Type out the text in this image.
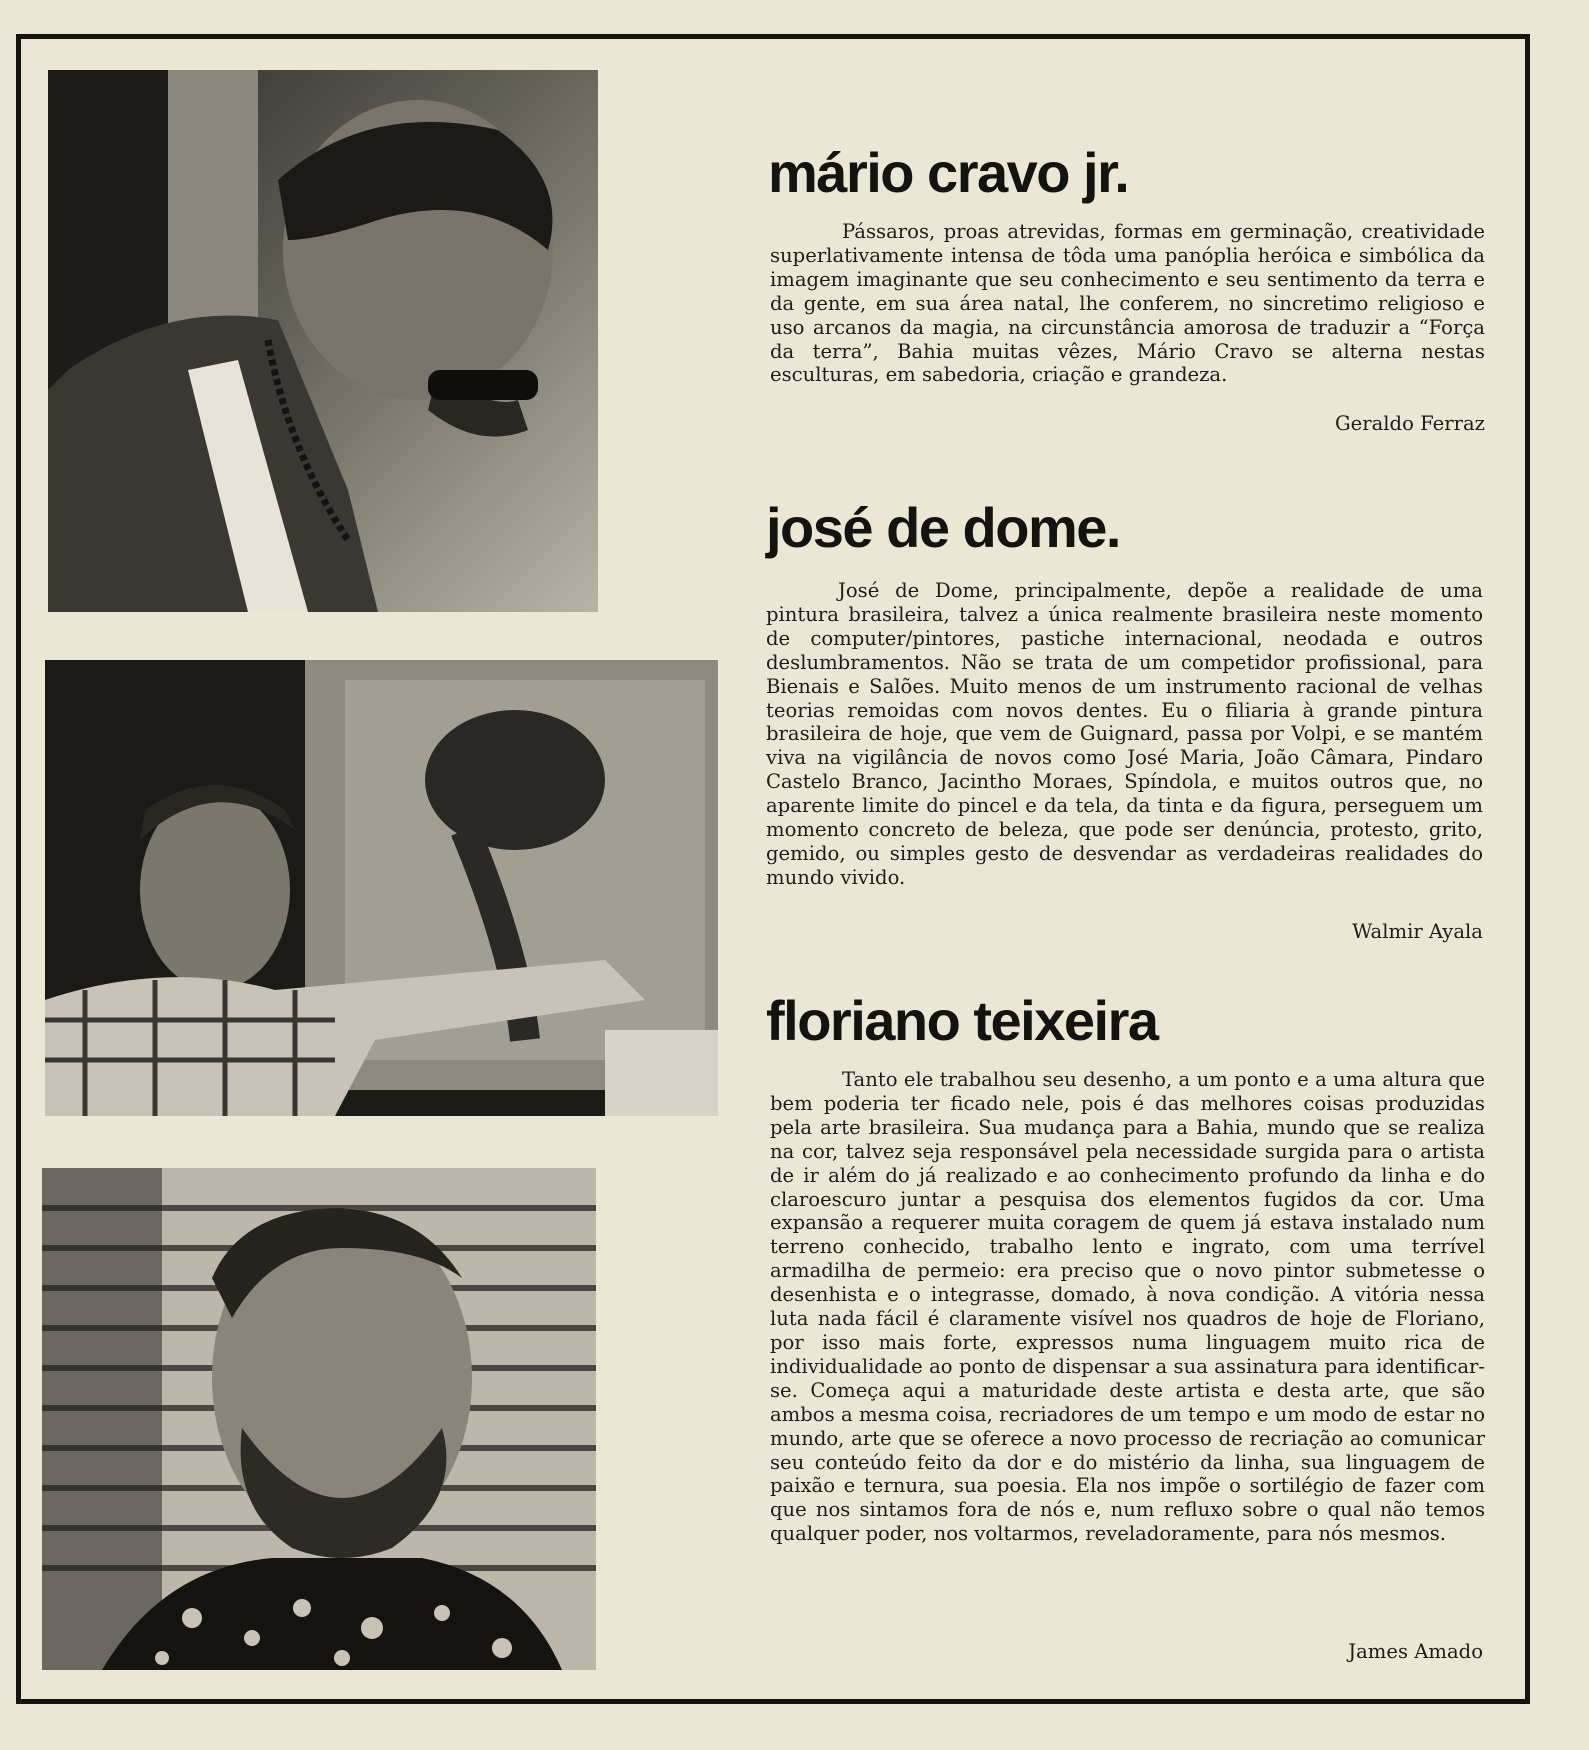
mário cravo jr.

Pássaros, proas atrevidas, formas em germinação, creatividade superlativamente intensa de tôda uma panóplia heróica e simbólica da imagem imaginante que seu conhecimento e seu sentimento da terra e da gente, em sua área natal, lhe conferem, no sincretimo religioso e uso arcanos da magia, na circunstância amorosa de traduzir a “Força da terra”, Bahia muitas vêzes, Mário Cravo se alterna nestas esculturas, em sabedoria, criação e grandeza.

Geraldo Ferraz
josé de dome.

José de Dome, principalmente, depõe a realidade de uma pintura brasileira, talvez a única realmente brasileira neste momento de computer/pintores, pastiche internacional, neodada e outros deslumbramentos. Não se trata de um competidor profissional, para Bienais e Salões. Muito menos de um instrumento racional de velhas teorias remoidas com novos dentes. Eu o filiaria à grande pintura brasileira de hoje, que vem de Guignard, passa por Volpi, e se mantém viva na vigilância de novos como José Maria, João Câmara, Pindaro Castelo Branco, Jacintho Moraes, Spíndola, e muitos outros que, no aparente limite do pincel e da tela, da tinta e da figura, perseguem um momento concreto de beleza, que pode ser denúncia, protesto, grito, gemido, ou simples gesto de desvendar as verdadeiras realidades do mundo vivido.

Walmir Ayala
floriano teixeira

Tanto ele trabalhou seu desenho, a um ponto e a uma altura que bem poderia ter ficado nele, pois é das melhores coisas produzidas pela arte brasileira. Sua mudança para a Bahia, mundo que se realiza na cor, talvez seja responsável pela necessidade surgida para o artista de ir além do já realizado e ao conhecimento profundo da linha e do claroescuro juntar a pesquisa dos elementos fugidos da cor. Uma expansão a requerer muita coragem de quem já estava instalado num terreno conhecido, trabalho lento e ingrato, com uma terrível armadilha de permeio: era preciso que o novo pintor submetesse o desenhista e o integrasse, domado, à nova condição. A vitória nessa luta nada fácil é claramente visível nos quadros de hoje de Floriano, por isso mais forte, expressos numa linguagem muito rica de individualidade ao ponto de dispensar a sua assinatura para identificar-se. Começa aqui a maturidade deste artista e desta arte, que são ambos a mesma coisa, recriadores de um tempo e um modo de estar no mundo, arte que se oferece a novo processo de recriação ao comunicar seu conteúdo feito da dor e do mistério da linha, sua linguagem de paixão e ternura, sua poesia. Ela nos impõe o sortilégio de fazer com que nos sintamos fora de nós e, num refluxo sobre o qual não temos qualquer poder, nos voltarmos, reveladoramente, para nós mesmos.

James Amado
